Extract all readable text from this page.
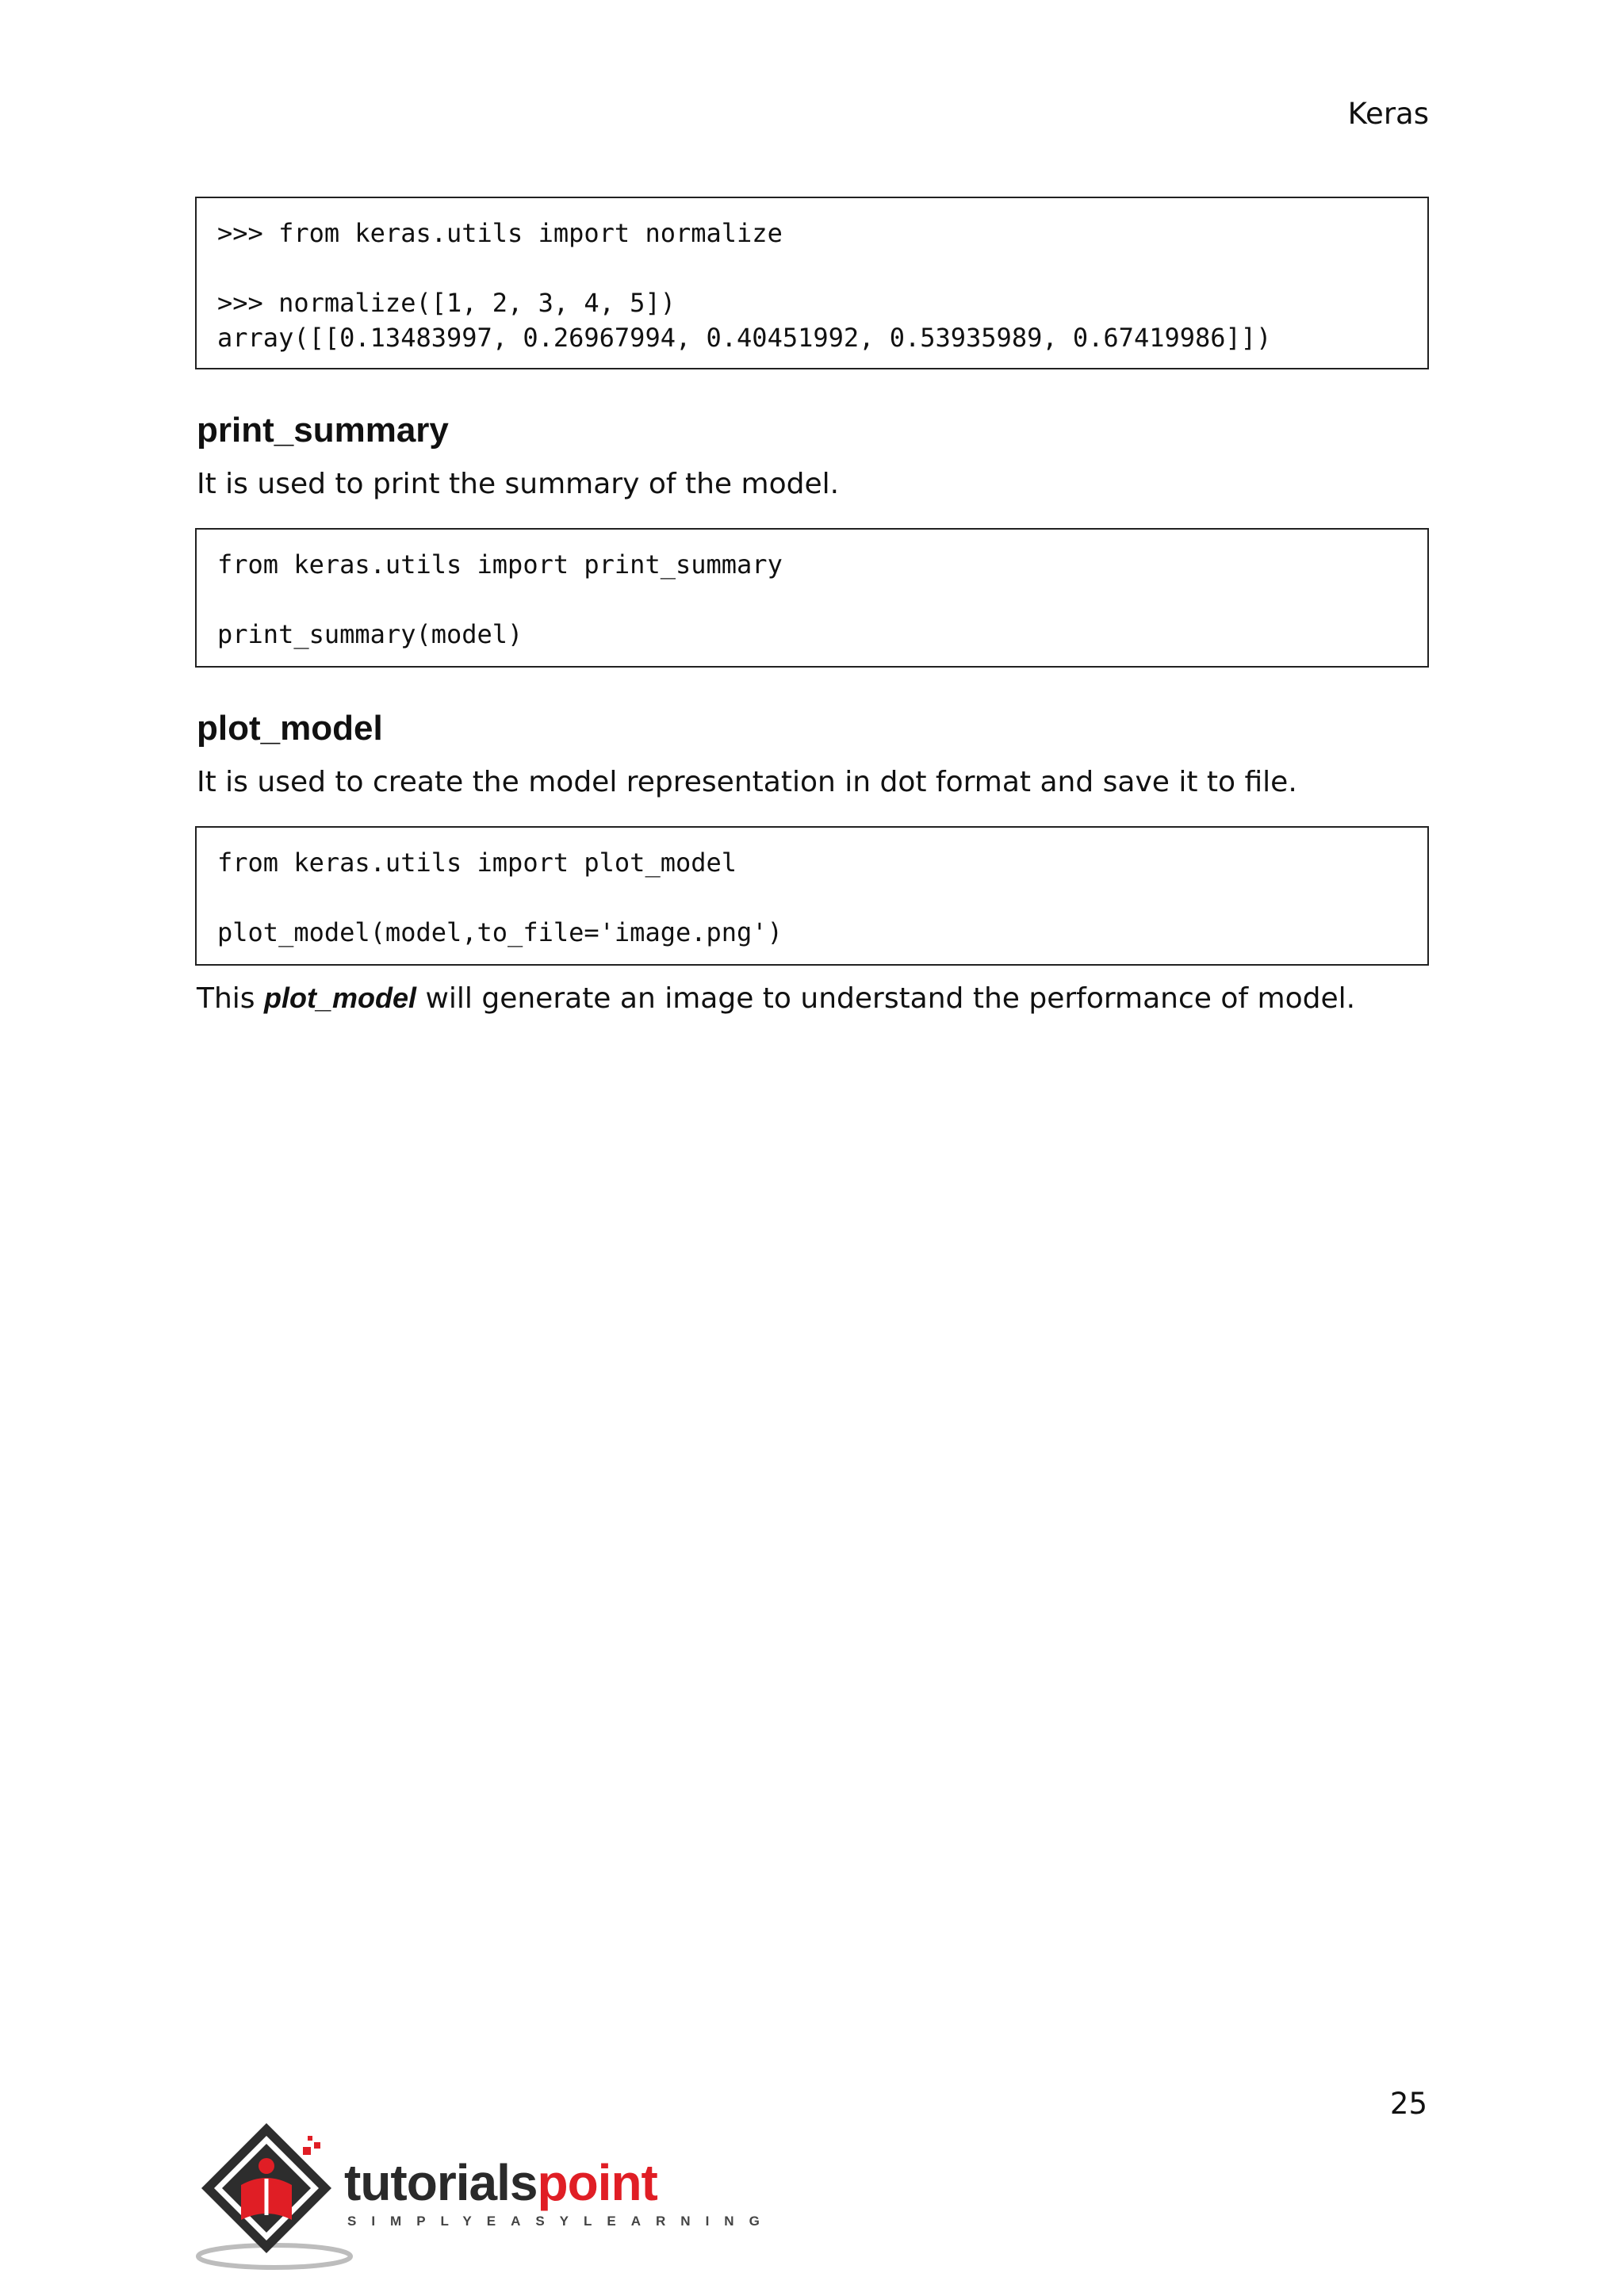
Keras
>>> from keras.utils import normalize
>>> normalize([1, 2, 3, 4, 5])
array([[0.13483997, 0.26967994, 0.40451992, 0.53935989, 0.67419986]])
print_summary
It is used to print the summary of the model.
from keras.utils import print_summary
print_summary(model)
plot_model
It is used to create the model representation in dot format and save it to file.
from keras.utils import plot_model
plot_model(model,to_file='image.png')
This plot_model will generate an image to understand the performance of model.
25
tutorialspoint
SIMPLYEASYLEARNING
